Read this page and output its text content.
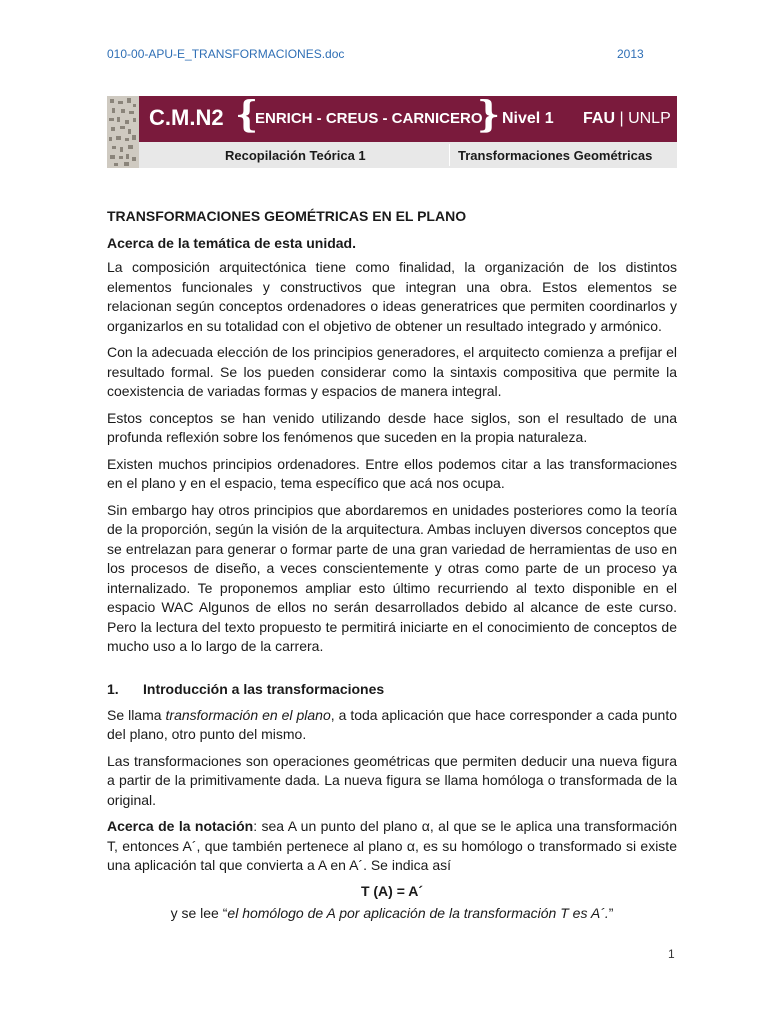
010-00-APU-E_TRANSFORMACIONES.doc	2013
C.M.N2 {
ENRICH - CREUS - CARNICERO
} Nivel 1 FAU | UNLP
Recopilación Teórica 1	Transformaciones Geométricas
TRANSFORMACIONES GEOMÉTRICAS EN EL PLANO
Acerca de la temática de esta unidad.

La composición arquitectónica tiene como finalidad, la organización de los distintos elementos funcionales y constructivos que integran una obra. Estos elementos se relacionan según conceptos ordenadores o ideas generatrices que permiten coordinarlos y organizarlos en su totalidad con el objetivo de obtener un resultado integrado y armónico.

Con la adecuada elección de los principios generadores, el arquitecto comienza a prefijar el resultado formal. Se los pueden considerar como la sintaxis compositiva que permite la coexistencia de variadas formas y espacios de manera integral.

Estos conceptos se han venido utilizando desde hace siglos, son el resultado de una profunda reflexión sobre los fenómenos que suceden en la propia naturaleza.

Existen muchos principios ordenadores. Entre ellos podemos citar a las transformaciones en el plano y en el espacio, tema específico que acá nos ocupa.

Sin embargo hay otros principios que abordaremos en unidades posteriores como la teoría de la proporción, según la visión de la arquitectura. Ambas incluyen diversos conceptos que se entrelazan para generar o formar parte de una gran variedad de herramientas de uso en los procesos de diseño, a veces conscientemente y otras como parte de un proceso ya internalizado. Te proponemos ampliar esto último recurriendo al texto disponible en el espacio WAC Algunos de ellos no serán desarrollados debido al alcance de este curso. Pero la lectura del texto propuesto te permitirá iniciarte en el conocimiento de conceptos de mucho uso a lo largo de la carrera.

1.	Introducción a las transformaciones

Se llama transformación en el plano, a toda aplicación que hace corresponder a cada punto del plano, otro punto del mismo.

Las transformaciones son operaciones geométricas que permiten deducir una nueva figura a partir de la primitivamente dada. La nueva figura se llama homóloga o transformada de la original.

Acerca de la notación: sea A un punto del plano α, al que se le aplica una transformación T, entonces A´, que también pertenece al plano α, es su homólogo o transformado si existe una aplicación tal que convierta a A en A´. Se indica así

T (A) = A´
y se lee “el homólogo de A por aplicación de la transformación T es A´.”
1
